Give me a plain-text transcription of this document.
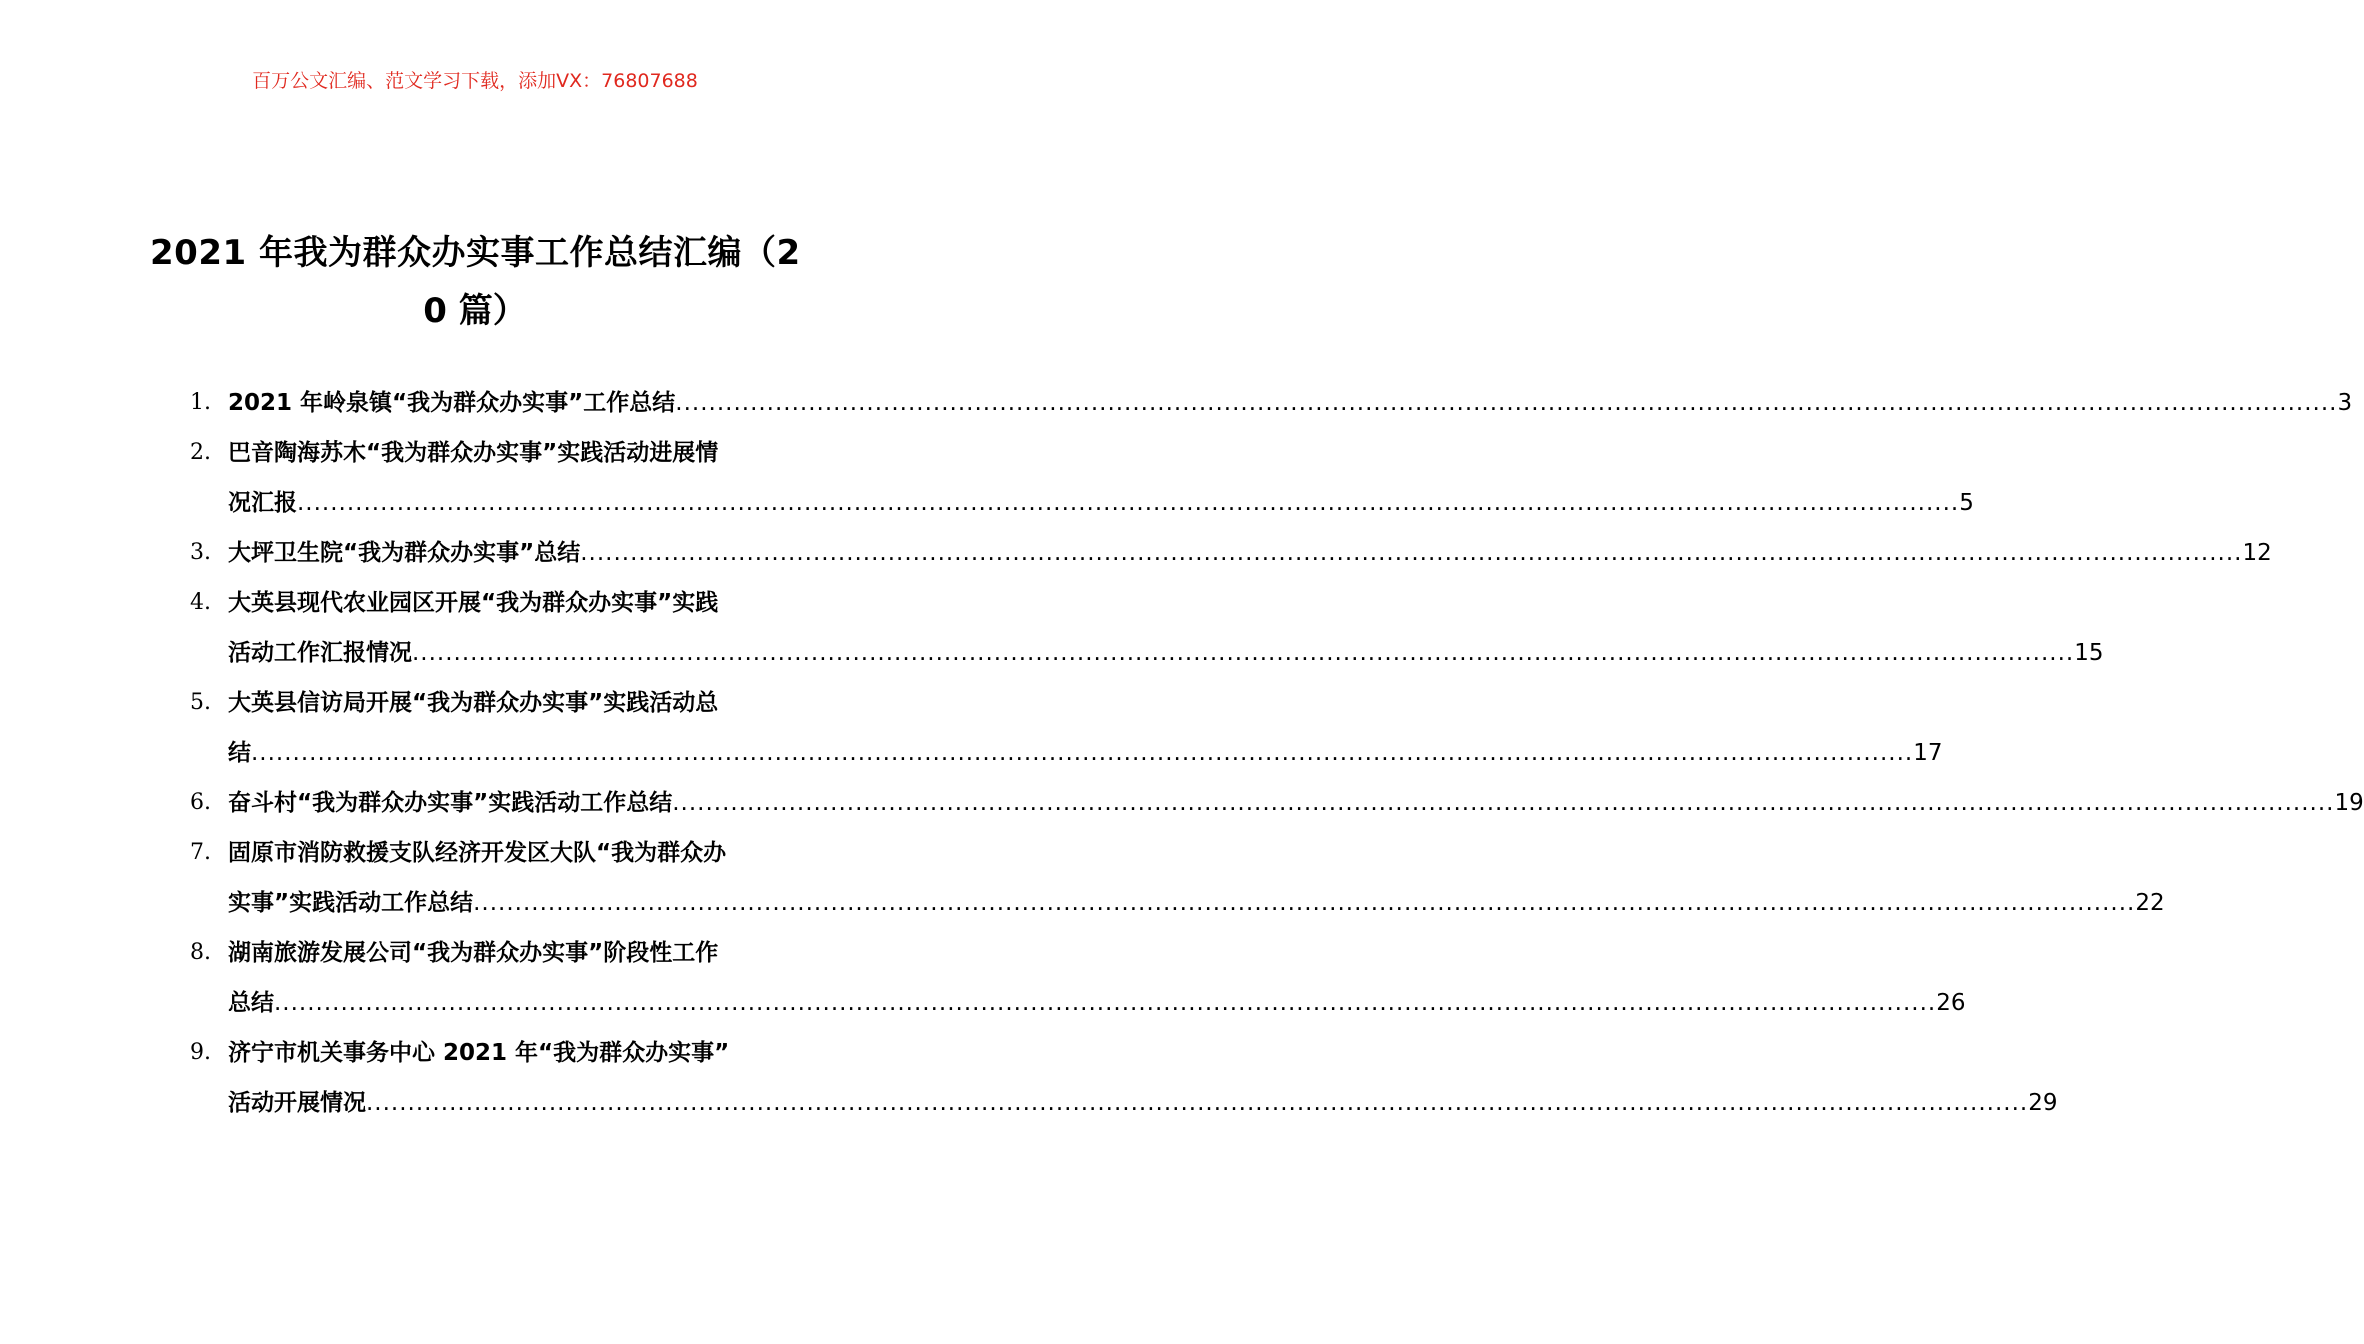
百万公文汇编、范文学习下载，添加VX：76807688
2021 年我为群众办实事工作总结汇编（2
0 篇）
1. 2021 年岭泉镇“我为群众办实事”工作总结 ........................................................................................................................................................................................................ 3
2. 巴音陶海苏木“我为群众办实事”实践活动进展情
况汇报 ........................................................................................................................................................................................................ 5
3. 大坪卫生院“我为群众办实事”总结 ........................................................................................................................................................................................................ 12
4. 大英县现代农业园区开展“我为群众办实事”实践
活动工作汇报情况 ........................................................................................................................................................................................................ 15
5. 大英县信访局开展“我为群众办实事”实践活动总
结 ........................................................................................................................................................................................................ 17
6. 奋斗村“我为群众办实事”实践活动工作总结 ........................................................................................................................................................................................................ 19
7. 固原市消防救援支队经济开发区大队“我为群众办
实事”实践活动工作总结 ........................................................................................................................................................................................................ 22
8. 湖南旅游发展公司“我为群众办实事”阶段性工作
总结 ........................................................................................................................................................................................................ 26
9. 济宁市机关事务中心 2021 年“我为群众办实事”
活动开展情况 ........................................................................................................................................................................................................ 29
